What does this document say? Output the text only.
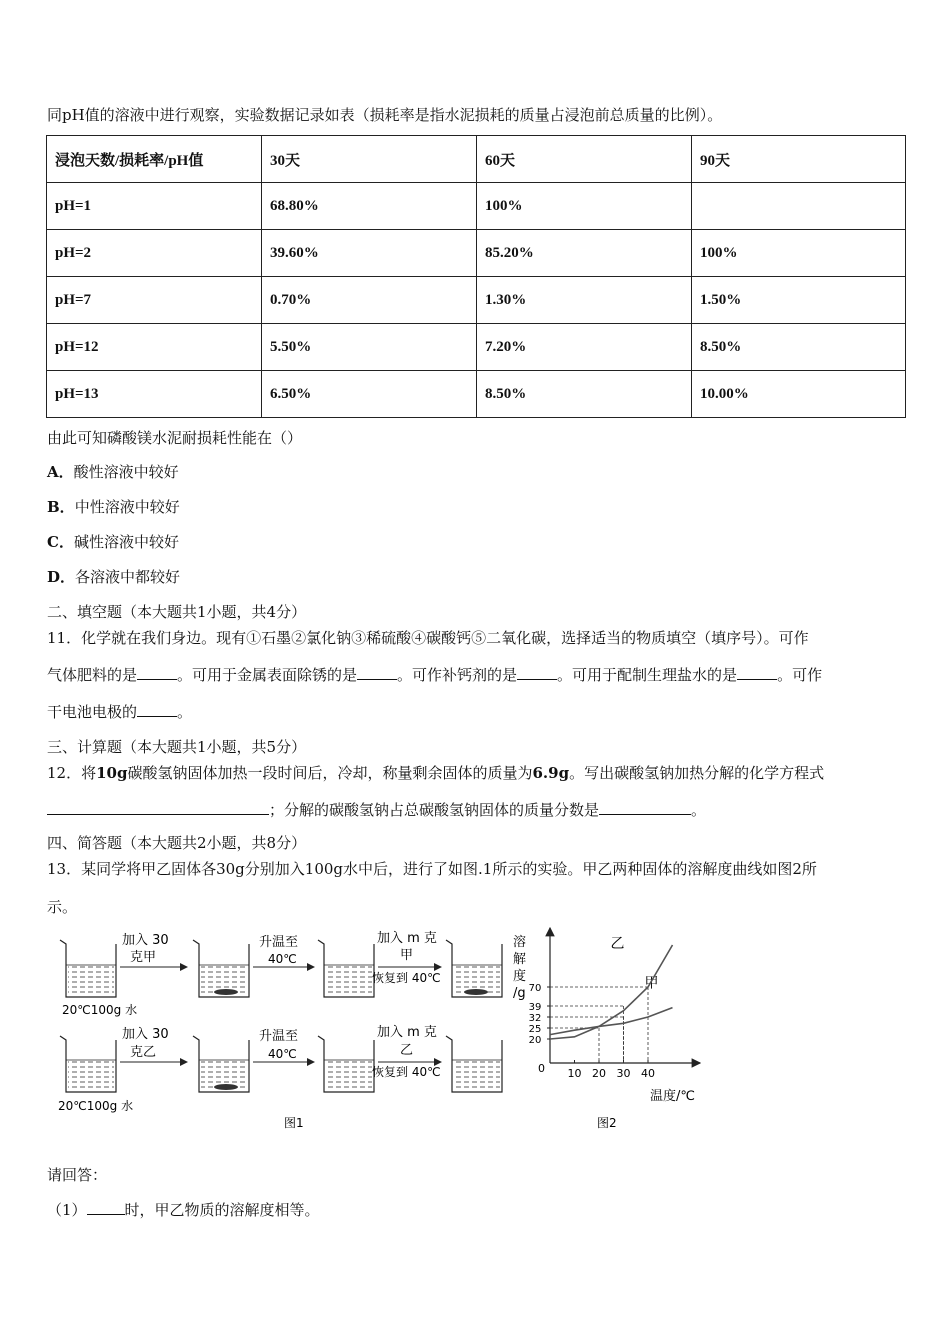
同pH值的溶液中进行观察，实验数据记录如表（损耗率是指水泥损耗的质量占浸泡前总质量的比例）。
浸泡天数/损耗率/pH值	30天	60天	90天
pH=1	68.80%	100%	
pH=2	39.60%	85.20%	100%
pH=7	0.70%	1.30%	1.50%
pH=12	5.50%	7.20%	8.50%
pH=13	6.50%	8.50%	10.00%
由此可知磷酸镁水泥耐损耗性能在（）
A．酸性溶液中较好
B．中性溶液中较好
C．碱性溶液中较好
D．各溶液中都较好
二、填空题（本大题共1小题，共4分）
11．化学就在我们身边。现有①石墨②氯化钠③稀硫酸④碳酸钙⑤二氧化碳，选择适当的物质填空（填序号）。可作
气体肥料的是	。可用于金属表面除锈的是	。可作补钙剂的是	。可用于配制生理盐水的是	。可作
干电池电极的	。
三、计算题（本大题共1小题，共5分）
12．将10g碳酸氢钠固体加热一段时间后，冷却，称量剩余固体的质量为6.9g。写出碳酸氢钠加热分解的化学方程式
；分解的碳酸氢钠占总碳酸氢钠固体的质量分数是	。
四、简答题（本大题共2小题，共8分）
13．某同学将甲乙固体各30g分别加入100g水中后，进行了如图.1所示的实验。甲乙两种固体的溶解度曲线如图2所
示。
加入 30
克甲
升温至
40℃
加入 m 克
甲
恢复到 40℃
20℃100g 水
加入 30
克乙
升温至
40℃
加入 m 克
乙
恢复到 40℃
20℃100g 水
图1
溶
解
度
/g
温度/℃
0 10 20 30 40
20
25
32
39
70	甲
乙
图2
请回答：
（1）	时，甲乙物质的溶解度相等。
